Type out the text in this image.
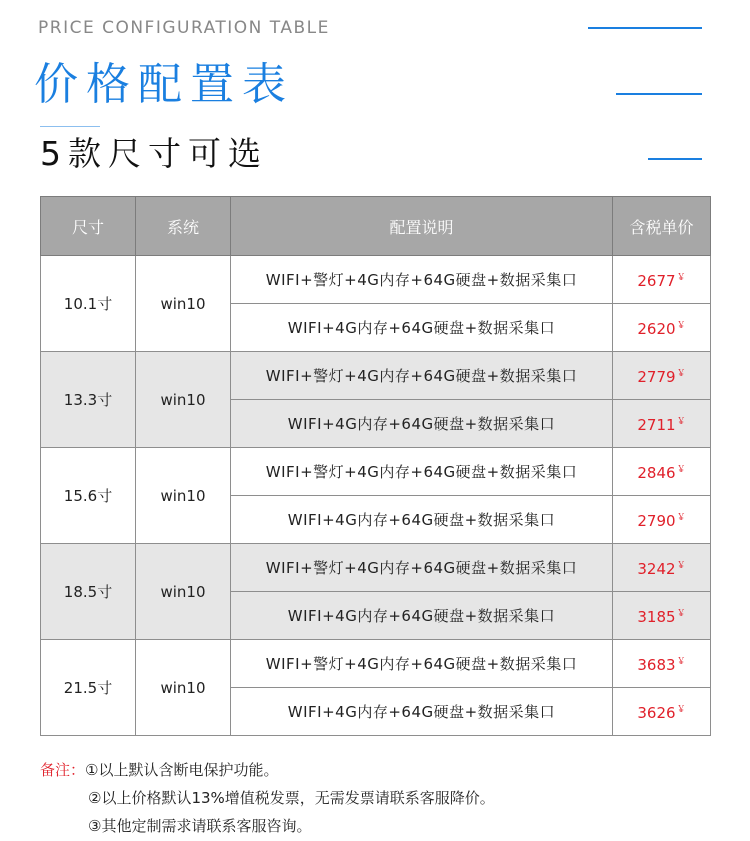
PRICE CONFIGURATION TABLE
价格配置表
5款尺寸可选
尺寸	系统	配置说明	含税单价
10.1寸	win10	WIFI+警灯+4G内存+64G硬盘+数据采集口	2677￥
		WIFI+4G内存+64G硬盘+数据采集口	2620￥
13.3寸	win10	WIFI+警灯+4G内存+64G硬盘+数据采集口	2779￥
		WIFI+4G内存+64G硬盘+数据采集口	2711￥
15.6寸	win10	WIFI+警灯+4G内存+64G硬盘+数据采集口	2846￥
		WIFI+4G内存+64G硬盘+数据采集口	2790￥
18.5寸	win10	WIFI+警灯+4G内存+64G硬盘+数据采集口	3242￥
		WIFI+4G内存+64G硬盘+数据采集口	3185￥
21.5寸	win10	WIFI+警灯+4G内存+64G硬盘+数据采集口	3683￥
		WIFI+4G内存+64G硬盘+数据采集口	3626￥
备注：①以上默认含断电保护功能。
②以上价格默认13%增值税发票，无需发票请联系客服降价。
③其他定制需求请联系客服咨询。
